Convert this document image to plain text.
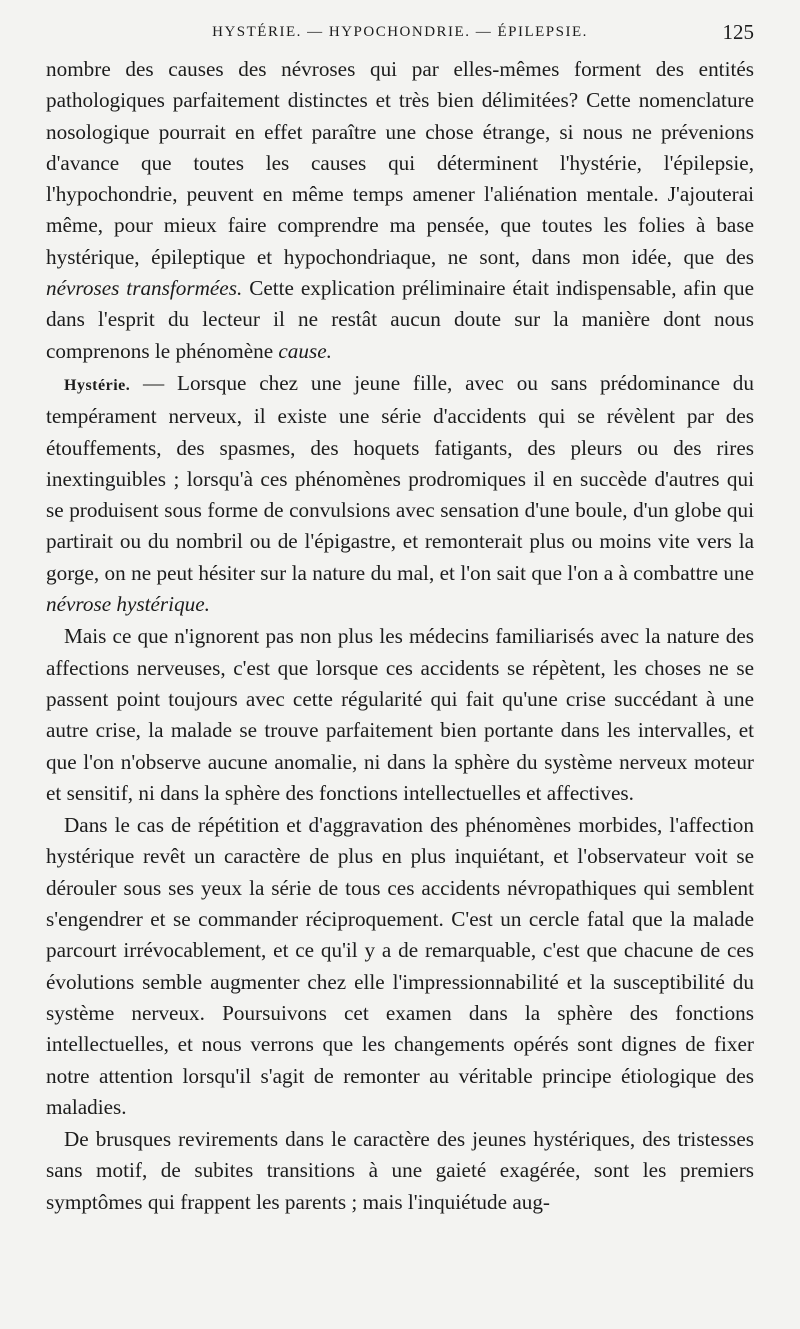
HYSTÉRIE. — HYPOCHONDRIE. — ÉPILEPSIE.	125

nombre des causes des névroses qui par elles-mêmes forment des entités pathologiques parfaitement distinctes et très bien délimitées? Cette nomenclature nosologique pourrait en effet paraître une chose étrange, si nous ne prévenions d'avance que toutes les causes qui déterminent l'hystérie, l'épilepsie, l'hypochondrie, peuvent en même temps amener l'aliénation mentale. J'ajouterai même, pour mieux faire comprendre ma pensée, que toutes les folies à base hystérique, épileptique et hypochondriaque, ne sont, dans mon idée, que des névroses transformées. Cette explication préliminaire était indispensable, afin que dans l'esprit du lecteur il ne restât aucun doute sur la manière dont nous comprenons le phénomène cause.

Hystérie. — Lorsque chez une jeune fille, avec ou sans prédominance du tempérament nerveux, il existe une série d'accidents qui se révèlent par des étouffements, des spasmes, des hoquets fatigants, des pleurs ou des rires inextinguibles ; lorsqu'à ces phénomènes prodromiques il en succède d'autres qui se produisent sous forme de convulsions avec sensation d'une boule, d'un globe qui partirait ou du nombril ou de l'épigastre, et remonterait plus ou moins vite vers la gorge, on ne peut hésiter sur la nature du mal, et l'on sait que l'on a à combattre une névrose hystérique.

Mais ce que n'ignorent pas non plus les médecins familiarisés avec la nature des affections nerveuses, c'est que lorsque ces accidents se répètent, les choses ne se passent point toujours avec cette régularité qui fait qu'une crise succédant à une autre crise, la malade se trouve parfaitement bien portante dans les intervalles, et que l'on n'observe aucune anomalie, ni dans la sphère du système nerveux moteur et sensitif, ni dans la sphère des fonctions intellectuelles et affectives.

Dans le cas de répétition et d'aggravation des phénomènes morbides, l'affection hystérique revêt un caractère de plus en plus inquiétant, et l'observateur voit se dérouler sous ses yeux la série de tous ces accidents névropathiques qui semblent s'engendrer et se commander réciproquement. C'est un cercle fatal que la malade parcourt irrévocablement, et ce qu'il y a de remarquable, c'est que chacune de ces évolutions semble augmenter chez elle l'impressionnabilité et la susceptibilité du système nerveux. Poursuivons cet examen dans la sphère des fonctions intellectuelles, et nous verrons que les changements opérés sont dignes de fixer notre attention lorsqu'il s'agit de remonter au véritable principe étiologique des maladies.

De brusques revirements dans le caractère des jeunes hystériques, des tristesses sans motif, de subites transitions à une gaieté exagérée, sont les premiers symptômes qui frappent les parents ; mais l'inquiétude aug-
